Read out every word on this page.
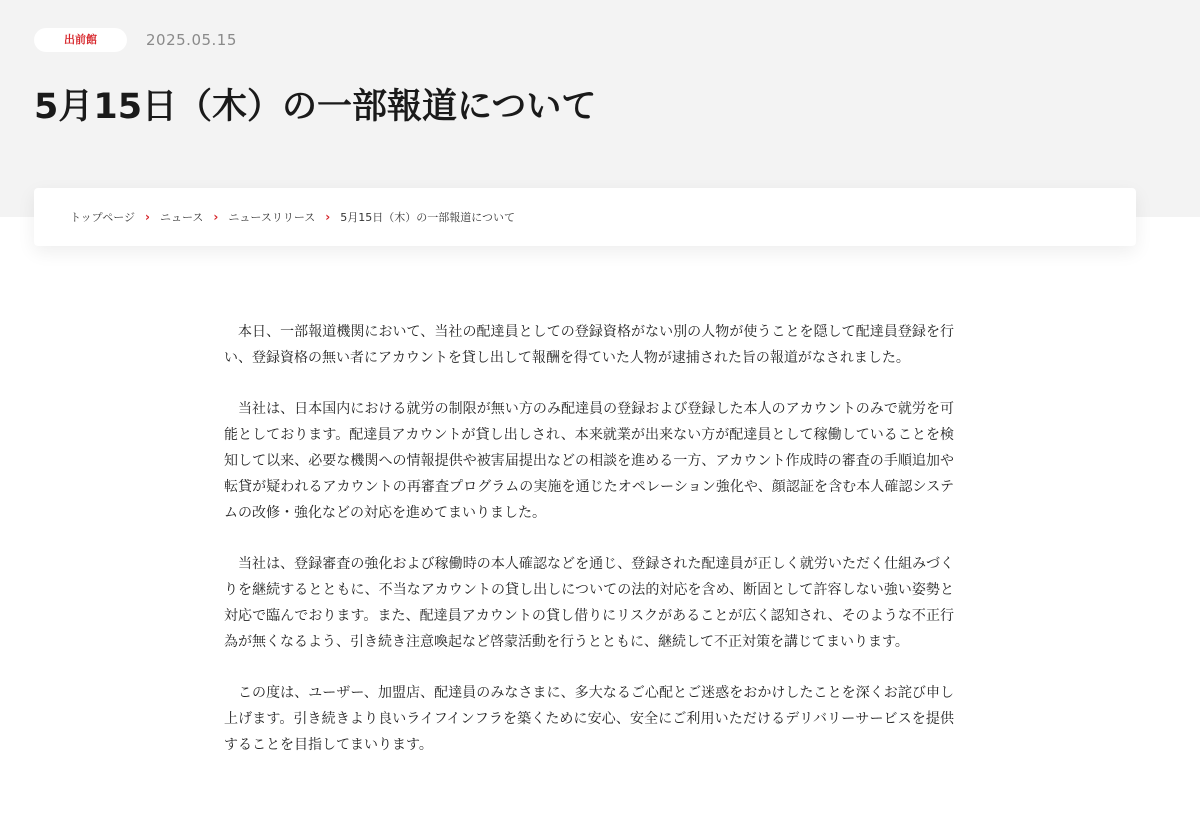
出前館	2025.05.15
5月15日（木）の一部報道について
トップページ › ニュース › ニュースリリース › 5月15日（木）の一部報道について

本日、一部報道機関において、当社の配達員としての登録資格がない別の人物が使うことを隠して配達員登録を行い、登録資格の無い者にアカウントを貸し出して報酬を得ていた人物が逮捕された旨の報道がなされました。

当社は、日本国内における就労の制限が無い方のみ配達員の登録および登録した本人のアカウントのみで就労を可能としております。配達員アカウントが貸し出しされ、本来就業が出来ない方が配達員として稼働していることを検知して以来、必要な機関への情報提供や被害届提出などの相談を進める一方、アカウント作成時の審査の手順追加や転貸が疑われるアカウントの再審査プログラムの実施を通じたオペレーション強化や、顔認証を含む本人確認システムの改修・強化などの対応を進めてまいりました。

当社は、登録審査の強化および稼働時の本人確認などを通じ、登録された配達員が正しく就労いただく仕組みづくりを継続するとともに、不当なアカウントの貸し出しについての法的対応を含め、断固として許容しない強い姿勢と対応で臨んでおります。また、配達員アカウントの貸し借りにリスクがあることが広く認知され、そのような不正行為が無くなるよう、引き続き注意喚起など啓蒙活動を行うとともに、継続して不正対策を講じてまいります。

この度は、ユーザー、加盟店、配達員のみなさまに、多大なるご心配とご迷惑をおかけしたことを深くお詫び申し上げます。引き続きより良いライフインフラを築くために安心、安全にご利用いただけるデリバリーサービスを提供することを目指してまいります。
